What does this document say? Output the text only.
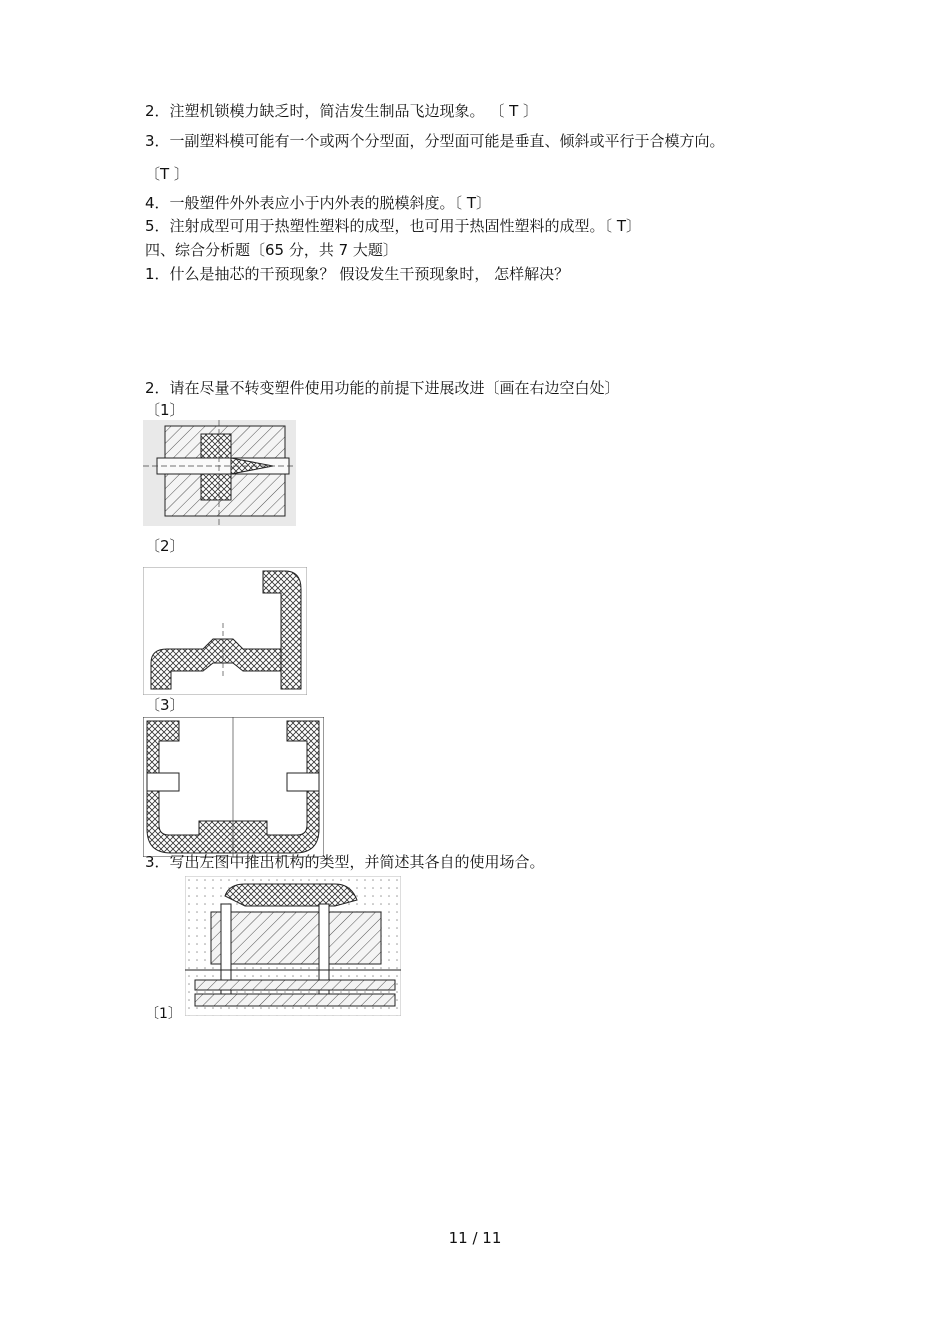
2．注塑机锁模力缺乏时，简洁发生制品飞边现象。 〔 T 〕
3．一副塑料模可能有一个或两个分型面，分型面可能是垂直、倾斜或平行于合模方向。
〔T 〕
4．一般塑件外外表应小于内外表的脱模斜度。〔 T〕
5．注射成型可用于热塑性塑料的成型，也可用于热固性塑料的成型。〔 T〕
四、综合分析题〔65 分，共 7 大题〕
1．什么是抽芯的干预现象？ 假设发生干预现象时， 怎样解决？
2．请在尽量不转变塑件使用功能的前提下进展改进〔画在右边空白处〕
〔1〕
〔2〕
〔3〕
3．写出左图中推出机构的类型，并简述其各自的使用场合。
〔1〕
11 / 11
